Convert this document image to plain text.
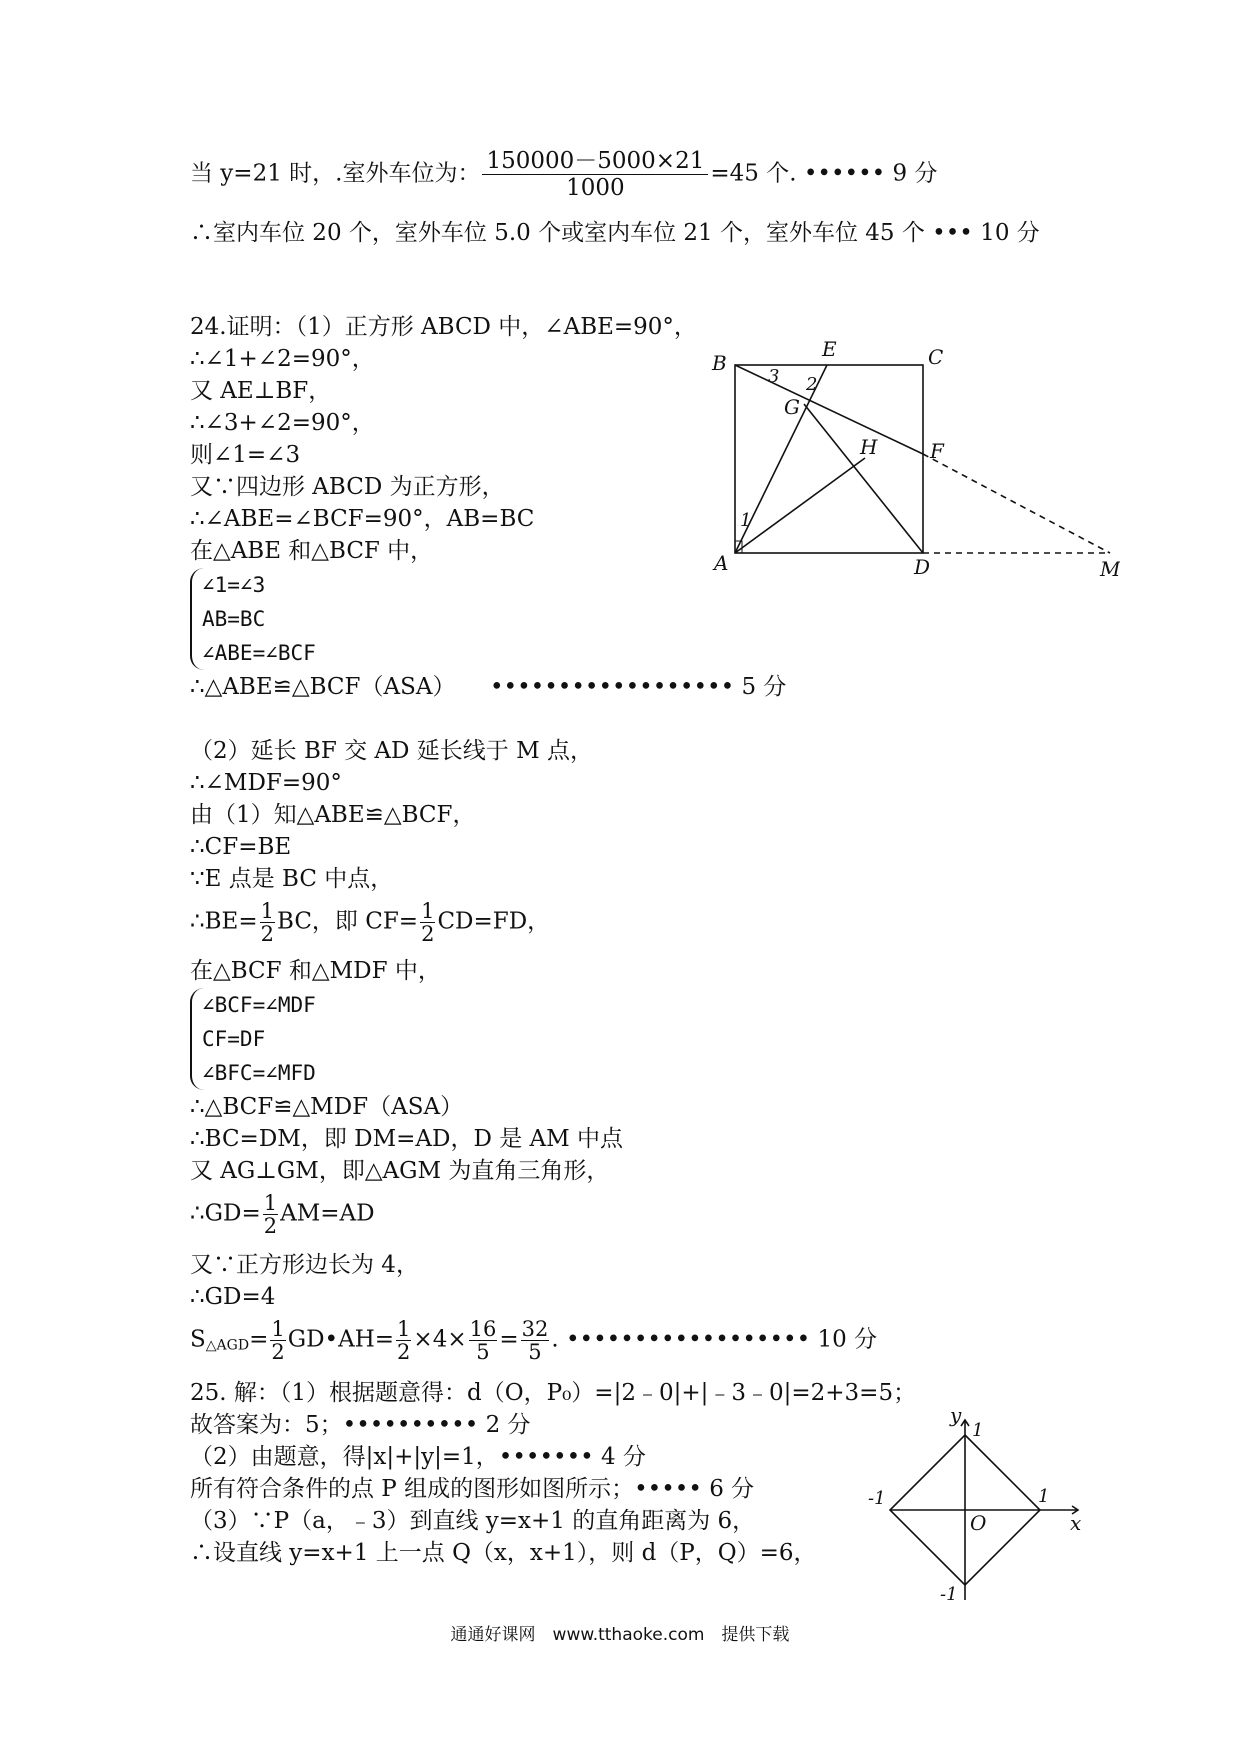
当 y=21 时，.室外车位为： $\frac{150000-5000\times 21}{1000} =45$ 个. •••••• 9 分
∴室内车位 20 个，室外车位 5.0 个或室内车位 21 个，室外车位 45 个 ••• 10 分
24.证明：（1）正方形 ABCD 中，∠ABE=90°，
∴∠1+∠2=90°，
又 AE⊥BF，
∴∠3+∠2=90°，
则∠1=∠3
又∵四边形 ABCD 为正方形，
∴∠ABE=∠BCF=90°，AB=BC
在△ABE 和△BCF 中，
∠1=∠3
AB=BC
∠ABE=∠BCF
∴△ABE≌△BCF（ASA）　　•••••••••••••••••• 5 分
（2）延长 BF 交 AD 延长线于 M 点，
∴∠MDF=90°
由（1）知△ABE≌△BCF，
∴CF=BE
∵E 点是 BC 中点，
∴BE= $\frac{1}{2}$ BC，即 $CF= \frac{1}{2} CD=FD$，
在△BCF 和△MDF 中，
∠BCF=∠MDF
CF=DF
∠BFC=∠MFD
∴△BCF≌△MDF（ASA）
∴BC=DM，即 DM=AD，D 是 AM 中点
又 AG⊥GM，即△AGM 为直角三角形，
∴GD= $\frac{1}{2} AM=AD$
又∵正方形边长为 4，
∴GD=4
$S_{\triangle AGD}= \frac{1}{2}$ GD•AH= $\frac{1}{2} \times 4\times \frac{16}{5} = \frac{32}{5}$ . •••••••••••••••••• 10 分
25. 解：（1）根据题意得：d（O，P₀）=|2﹣0|+|﹣3﹣0|=2+3=5；
故答案为：5；•••••••••• 2 分
（2）由题意，得|x|+|y|=1，••••••• 4 分
所有符合条件的点 P 组成的图形如图所示；••••• 6 分
（3）∵P（a，﹣3）到直线 y=x+1 的直角距离为 6，
∴设直线 y=x+1 上一点 Q（x，x+1），则 d（P，Q）=6，
B	C
A	D
E
F
G
H
M
1
2
3
y
x
O
1
1
-1
-1
通通好课网　www.tthaoke.com　提供下载
